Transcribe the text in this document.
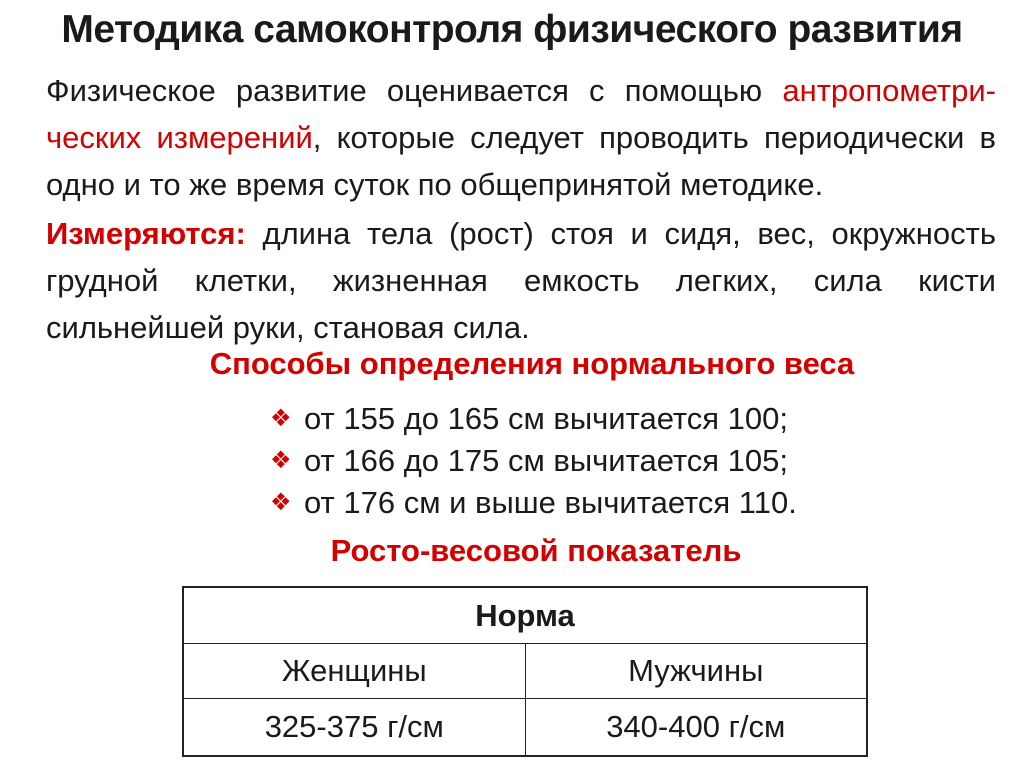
Методика самоконтроля физического развития
Физическое развитие оценивается с помощью антропометри-ческих измерений, которые следует проводить периодически в одно и то же время суток по общепринятой методике.
Измеряются: длина тела (рост) стоя и сидя, вес, окружность грудной клетки, жизненная емкость легких, сила кисти сильнейшей руки, становая сила.
Способы определения нормального веса
❖ от 155 до 165 см вычитается 100;
❖ от 166 до 175 см вычитается 105;
❖ от 176 см и выше вычитается 110.
Росто-весовой показатель
Норма	
Женщины	Мужчины
325-375 г/см	340-400 г/см
